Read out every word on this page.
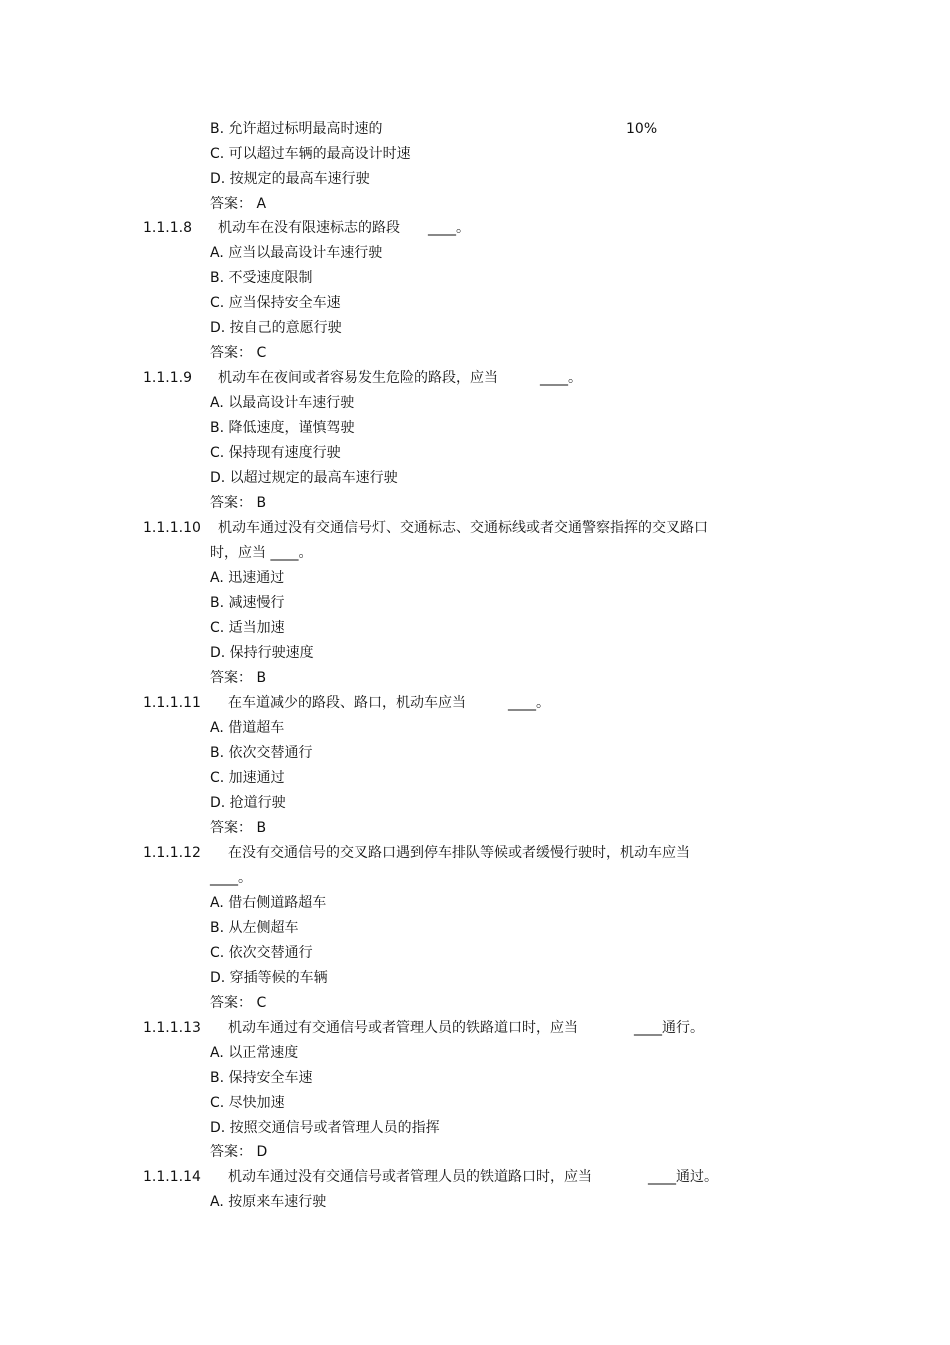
B. 允许超过标明最高时速的	10%
C. 可以超过车辆的最高设计时速
D. 按规定的最高车速行驶
答案： A
1.1.1.8 机动车在没有限速标志的路段　　____。
A. 应当以最高设计车速行驶
B. 不受速度限制
C. 应当保持安全车速
D. 按自己的意愿行驶
答案： C
1.1.1.9 机动车在夜间或者容易发生危险的路段，应当　　　____。
A. 以最高设计车速行驶
B. 降低速度，谨慎驾驶
C. 保持现有速度行驶
D. 以超过规定的最高车速行驶
答案： B
1.1.1.10 机动车通过没有交通信号灯、交通标志、交通标线或者交通警察指挥的交叉路口
时，应当 ____。
A. 迅速通过
B. 减速慢行
C. 适当加速
D. 保持行驶速度
答案： B
1.1.1.11 在车道减少的路段、路口，机动车应当　　　____。
A. 借道超车
B. 依次交替通行
C. 加速通过
D. 抢道行驶
答案： B
1.1.1.12 在没有交通信号的交叉路口遇到停车排队等候或者缓慢行驶时，机动车应当
____。
A. 借右侧道路超车
B. 从左侧超车
C. 依次交替通行
D. 穿插等候的车辆
答案： C
1.1.1.13 机动车通过有交通信号或者管理人员的铁路道口时，应当　　　　____通行。
A. 以正常速度
B. 保持安全车速
C. 尽快加速
D. 按照交通信号或者管理人员的指挥
答案： D
1.1.1.14 机动车通过没有交通信号或者管理人员的铁道路口时，应当　　　　____通过。
A. 按原来车速行驶
